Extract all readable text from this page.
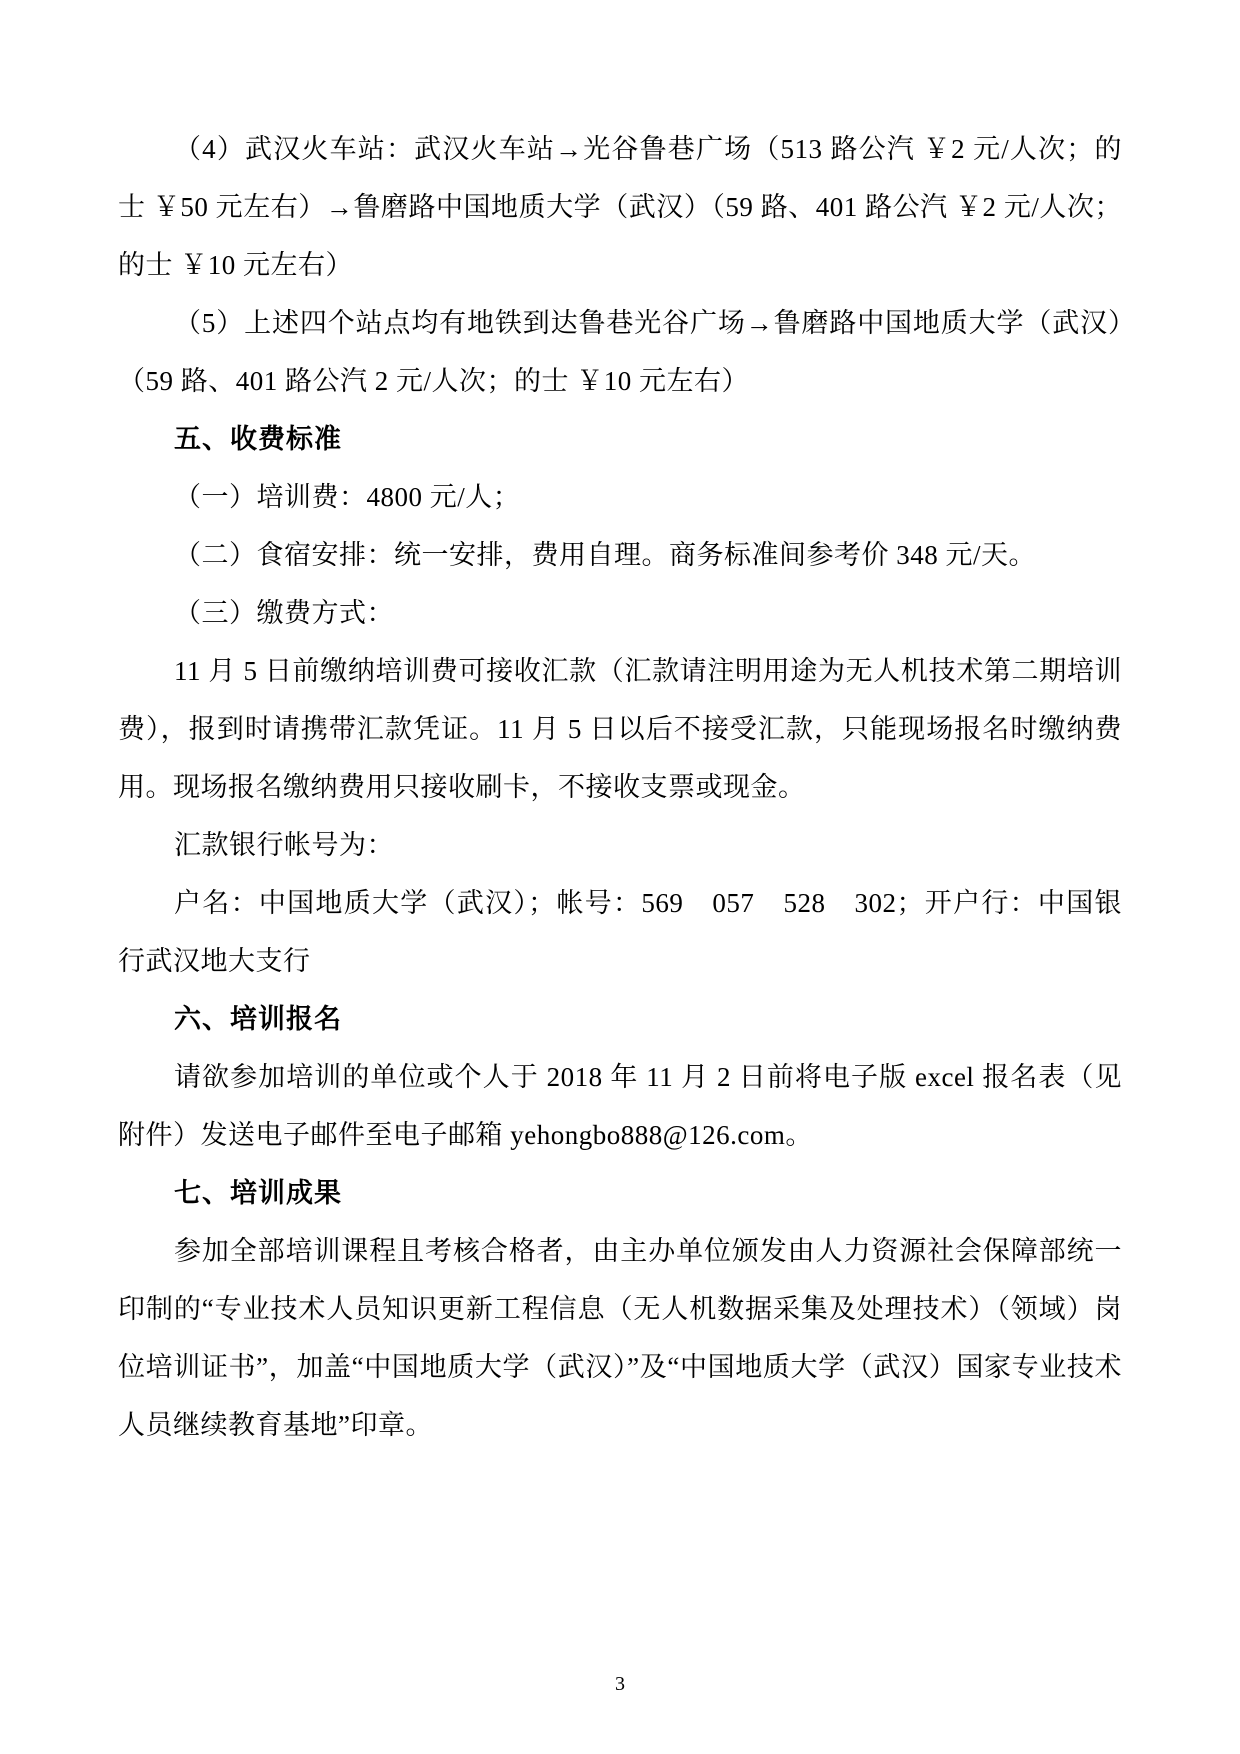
（4）武汉火车站：武汉火车站→光谷鲁巷广场（513 路公汽 ￥2 元/人次；的士 ￥50 元左右）→鲁磨路中国地质大学（武汉）（59 路、401 路公汽 ￥2 元/人次；的士 ￥10 元左右）

（5）上述四个站点均有地铁到达鲁巷光谷广场→鲁磨路中国地质大学（武汉）（59 路、401 路公汽 2 元/人次；的士 ￥10 元左右）

五、收费标准

（一）培训费：4800 元/人；

（二）食宿安排：统一安排，费用自理。商务标准间参考价 348 元/天。

（三）缴费方式：

11 月 5 日前缴纳培训费可接收汇款（汇款请注明用途为无人机技术第二期培训费），报到时请携带汇款凭证。11 月 5 日以后不接受汇款，只能现场报名时缴纳费用。现场报名缴纳费用只接收刷卡，不接收支票或现金。

汇款银行帐号为：

户名：中国地质大学（武汉）；帐号：569　057　528　302；开户行：中国银行武汉地大支行

六、培训报名

请欲参加培训的单位或个人于 2018 年 11 月 2 日前将电子版 excel 报名表（见附件）发送电子邮件至电子邮箱 yehongbo888@126.com。

七、培训成果

参加全部培训课程且考核合格者，由主办单位颁发由人力资源社会保障部统一印制的“专业技术人员知识更新工程信息（无人机数据采集及处理技术）（领域）岗位培训证书”，加盖“中国地质大学（武汉）”及“中国地质大学（武汉）国家专业技术人员继续教育基地”印章。

3
